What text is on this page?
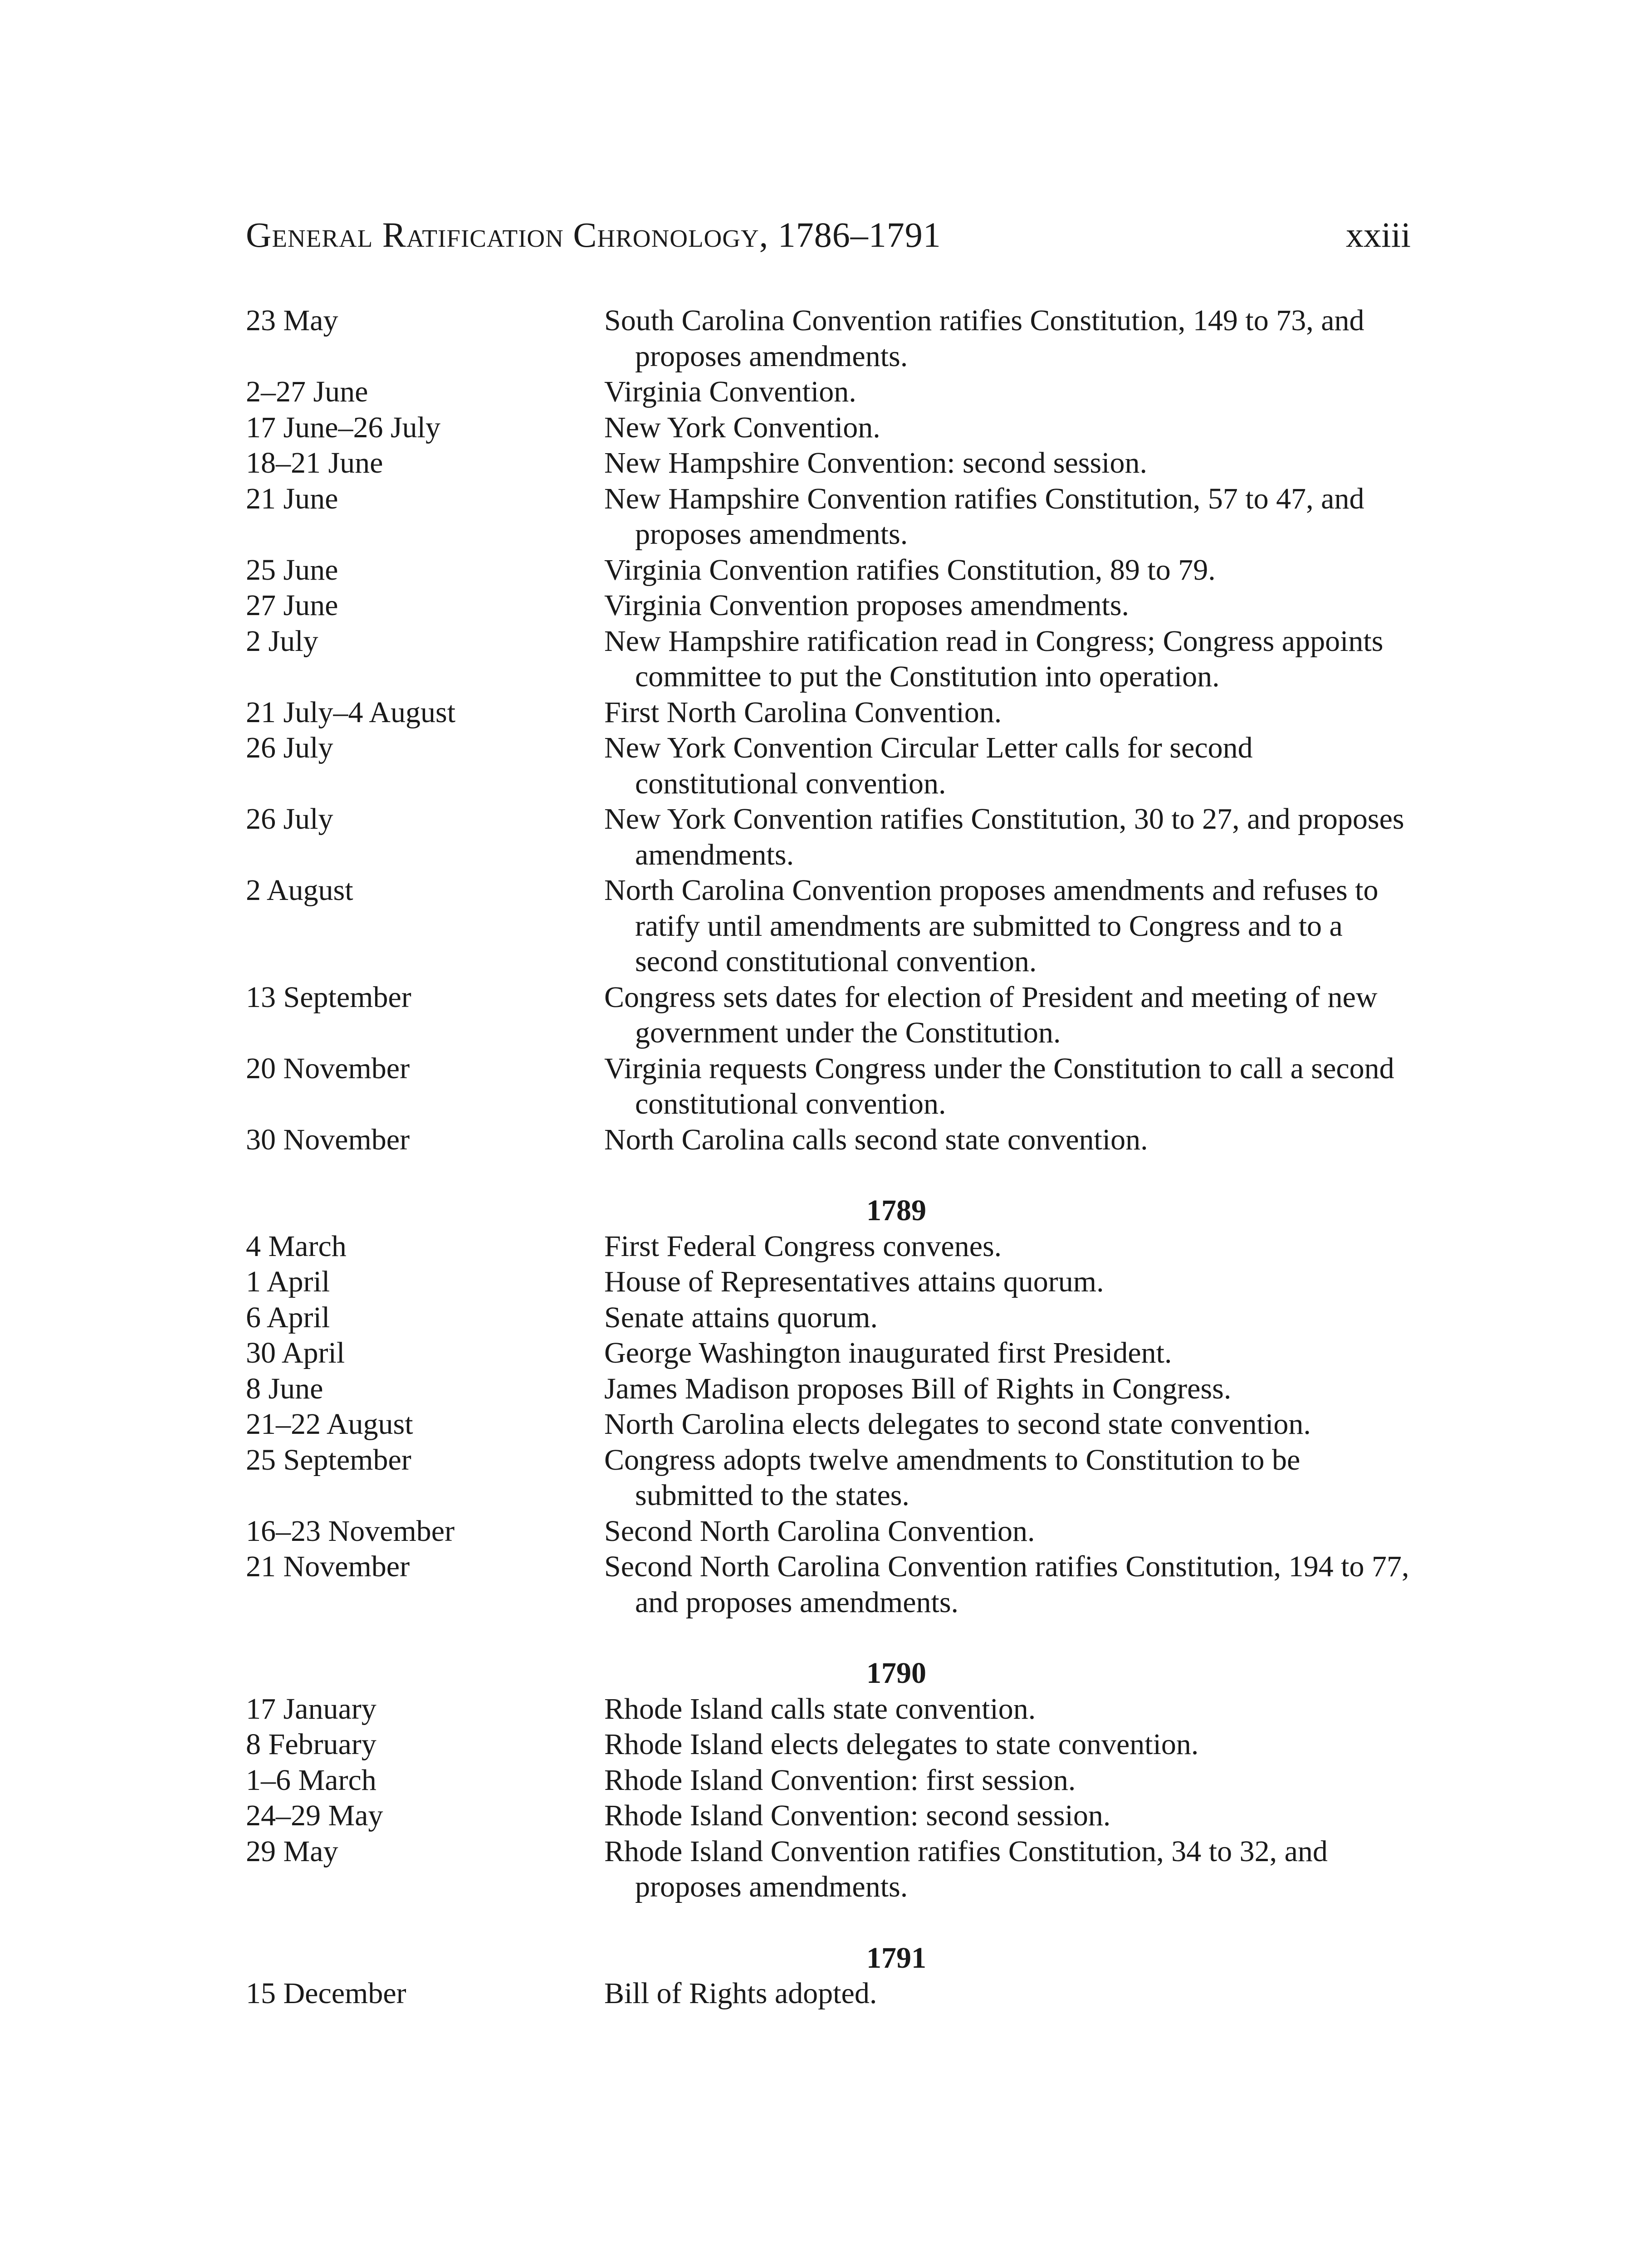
General Ratification Chronology, 1786–1791	xxiii
23 May	South Carolina Convention ratifies Constitution, 149 to 73, and proposes amendments.
2–27 June	Virginia Convention.
17 June–26 July	New York Convention.
18–21 June	New Hampshire Convention: second session.
21 June	New Hampshire Convention ratifies Constitution, 57 to 47, and proposes amendments.
25 June	Virginia Convention ratifies Constitution, 89 to 79.
27 June	Virginia Convention proposes amendments.
2 July	New Hampshire ratification read in Congress; Congress appoints committee to put the Constitution into operation.
21 July–4 August	First North Carolina Convention.
26 July	New York Convention Circular Letter calls for second constitutional convention.
26 July	New York Convention ratifies Constitution, 30 to 27, and proposes amendments.
2 August	North Carolina Convention proposes amendments and refuses to ratify until amendments are submitted to Congress and to a second constitutional convention.
13 September	Congress sets dates for election of President and meeting of new government under the Constitution.
20 November	Virginia requests Congress under the Constitution to call a second constitutional convention.
30 November	North Carolina calls second state convention.
1789
4 March	First Federal Congress convenes.
1 April	House of Representatives attains quorum.
6 April	Senate attains quorum.
30 April	George Washington inaugurated first President.
8 June	James Madison proposes Bill of Rights in Congress.
21–22 August	North Carolina elects delegates to second state convention.
25 September	Congress adopts twelve amendments to Constitution to be submitted to the states.
16–23 November	Second North Carolina Convention.
21 November	Second North Carolina Convention ratifies Constitution, 194 to 77, and proposes amendments.
1790
17 January	Rhode Island calls state convention.
8 February	Rhode Island elects delegates to state convention.
1–6 March	Rhode Island Convention: first session.
24–29 May	Rhode Island Convention: second session.
29 May	Rhode Island Convention ratifies Constitution, 34 to 32, and proposes amendments.
1791
15 December	Bill of Rights adopted.
